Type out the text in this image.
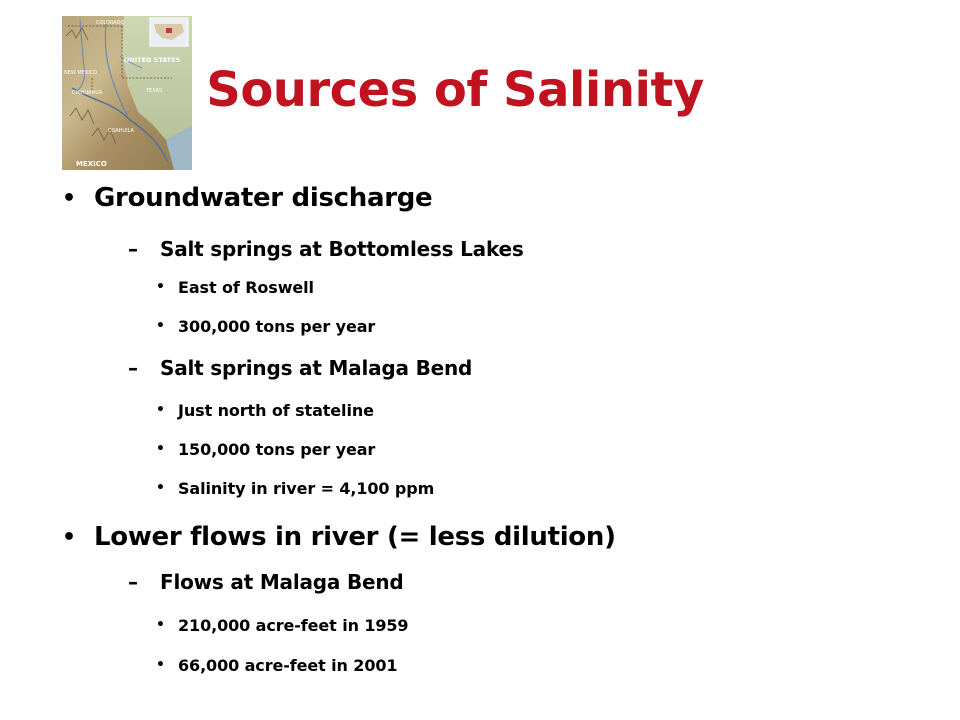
COLORADO
NEW MEXICO
UNITED STATES
TEXAS
CHIHUAHUA
COAHUILA
MEXICO
Sources of Salinity
• Groundwater discharge
–	Salt springs at Bottomless Lakes
• East of Roswell
• 300,000 tons per year
–	Salt springs at Malaga Bend
• Just north of stateline
• 150,000 tons per year
• Salinity in river = 4,100 ppm
• Lower flows in river (= less dilution)
–	Flows at Malaga Bend
• 210,000 acre-feet in 1959
• 66,000 acre-feet in 2001
